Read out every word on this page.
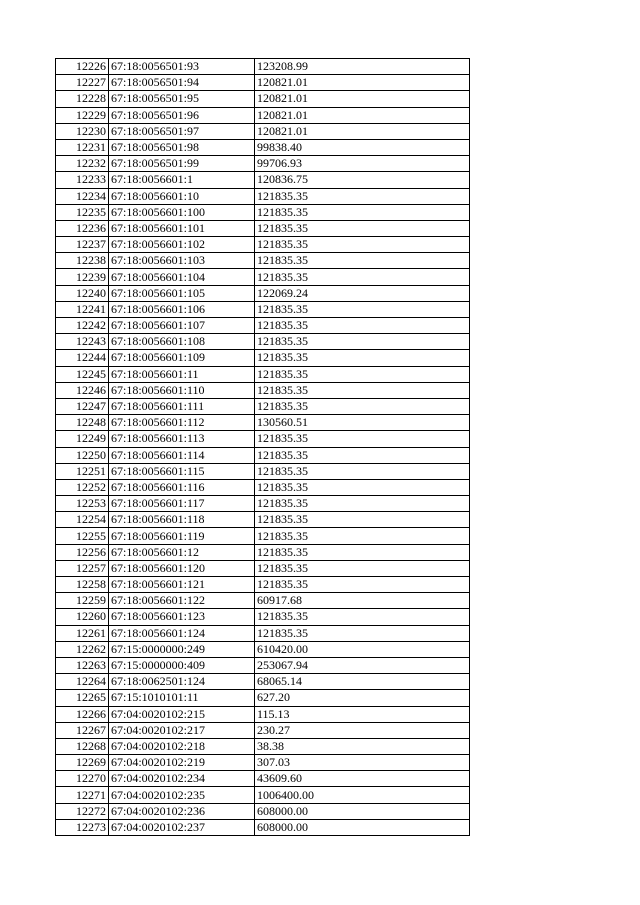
12226	67:18:0056501:93	123208.99
12227	67:18:0056501:94	120821.01
12228	67:18:0056501:95	120821.01
12229	67:18:0056501:96	120821.01
12230	67:18:0056501:97	120821.01
12231	67:18:0056501:98	99838.40
12232	67:18:0056501:99	99706.93
12233	67:18:0056601:1	120836.75
12234	67:18:0056601:10	121835.35
12235	67:18:0056601:100	121835.35
12236	67:18:0056601:101	121835.35
12237	67:18:0056601:102	121835.35
12238	67:18:0056601:103	121835.35
12239	67:18:0056601:104	121835.35
12240	67:18:0056601:105	122069.24
12241	67:18:0056601:106	121835.35
12242	67:18:0056601:107	121835.35
12243	67:18:0056601:108	121835.35
12244	67:18:0056601:109	121835.35
12245	67:18:0056601:11	121835.35
12246	67:18:0056601:110	121835.35
12247	67:18:0056601:111	121835.35
12248	67:18:0056601:112	130560.51
12249	67:18:0056601:113	121835.35
12250	67:18:0056601:114	121835.35
12251	67:18:0056601:115	121835.35
12252	67:18:0056601:116	121835.35
12253	67:18:0056601:117	121835.35
12254	67:18:0056601:118	121835.35
12255	67:18:0056601:119	121835.35
12256	67:18:0056601:12	121835.35
12257	67:18:0056601:120	121835.35
12258	67:18:0056601:121	121835.35
12259	67:18:0056601:122	60917.68
12260	67:18:0056601:123	121835.35
12261	67:18:0056601:124	121835.35
12262	67:15:0000000:249	610420.00
12263	67:15:0000000:409	253067.94
12264	67:18:0062501:124	68065.14
12265	67:15:1010101:11	627.20
12266	67:04:0020102:215	115.13
12267	67:04:0020102:217	230.27
12268	67:04:0020102:218	38.38
12269	67:04:0020102:219	307.03
12270	67:04:0020102:234	43609.60
12271	67:04:0020102:235	1006400.00
12272	67:04:0020102:236	608000.00
12273	67:04:0020102:237	608000.00
